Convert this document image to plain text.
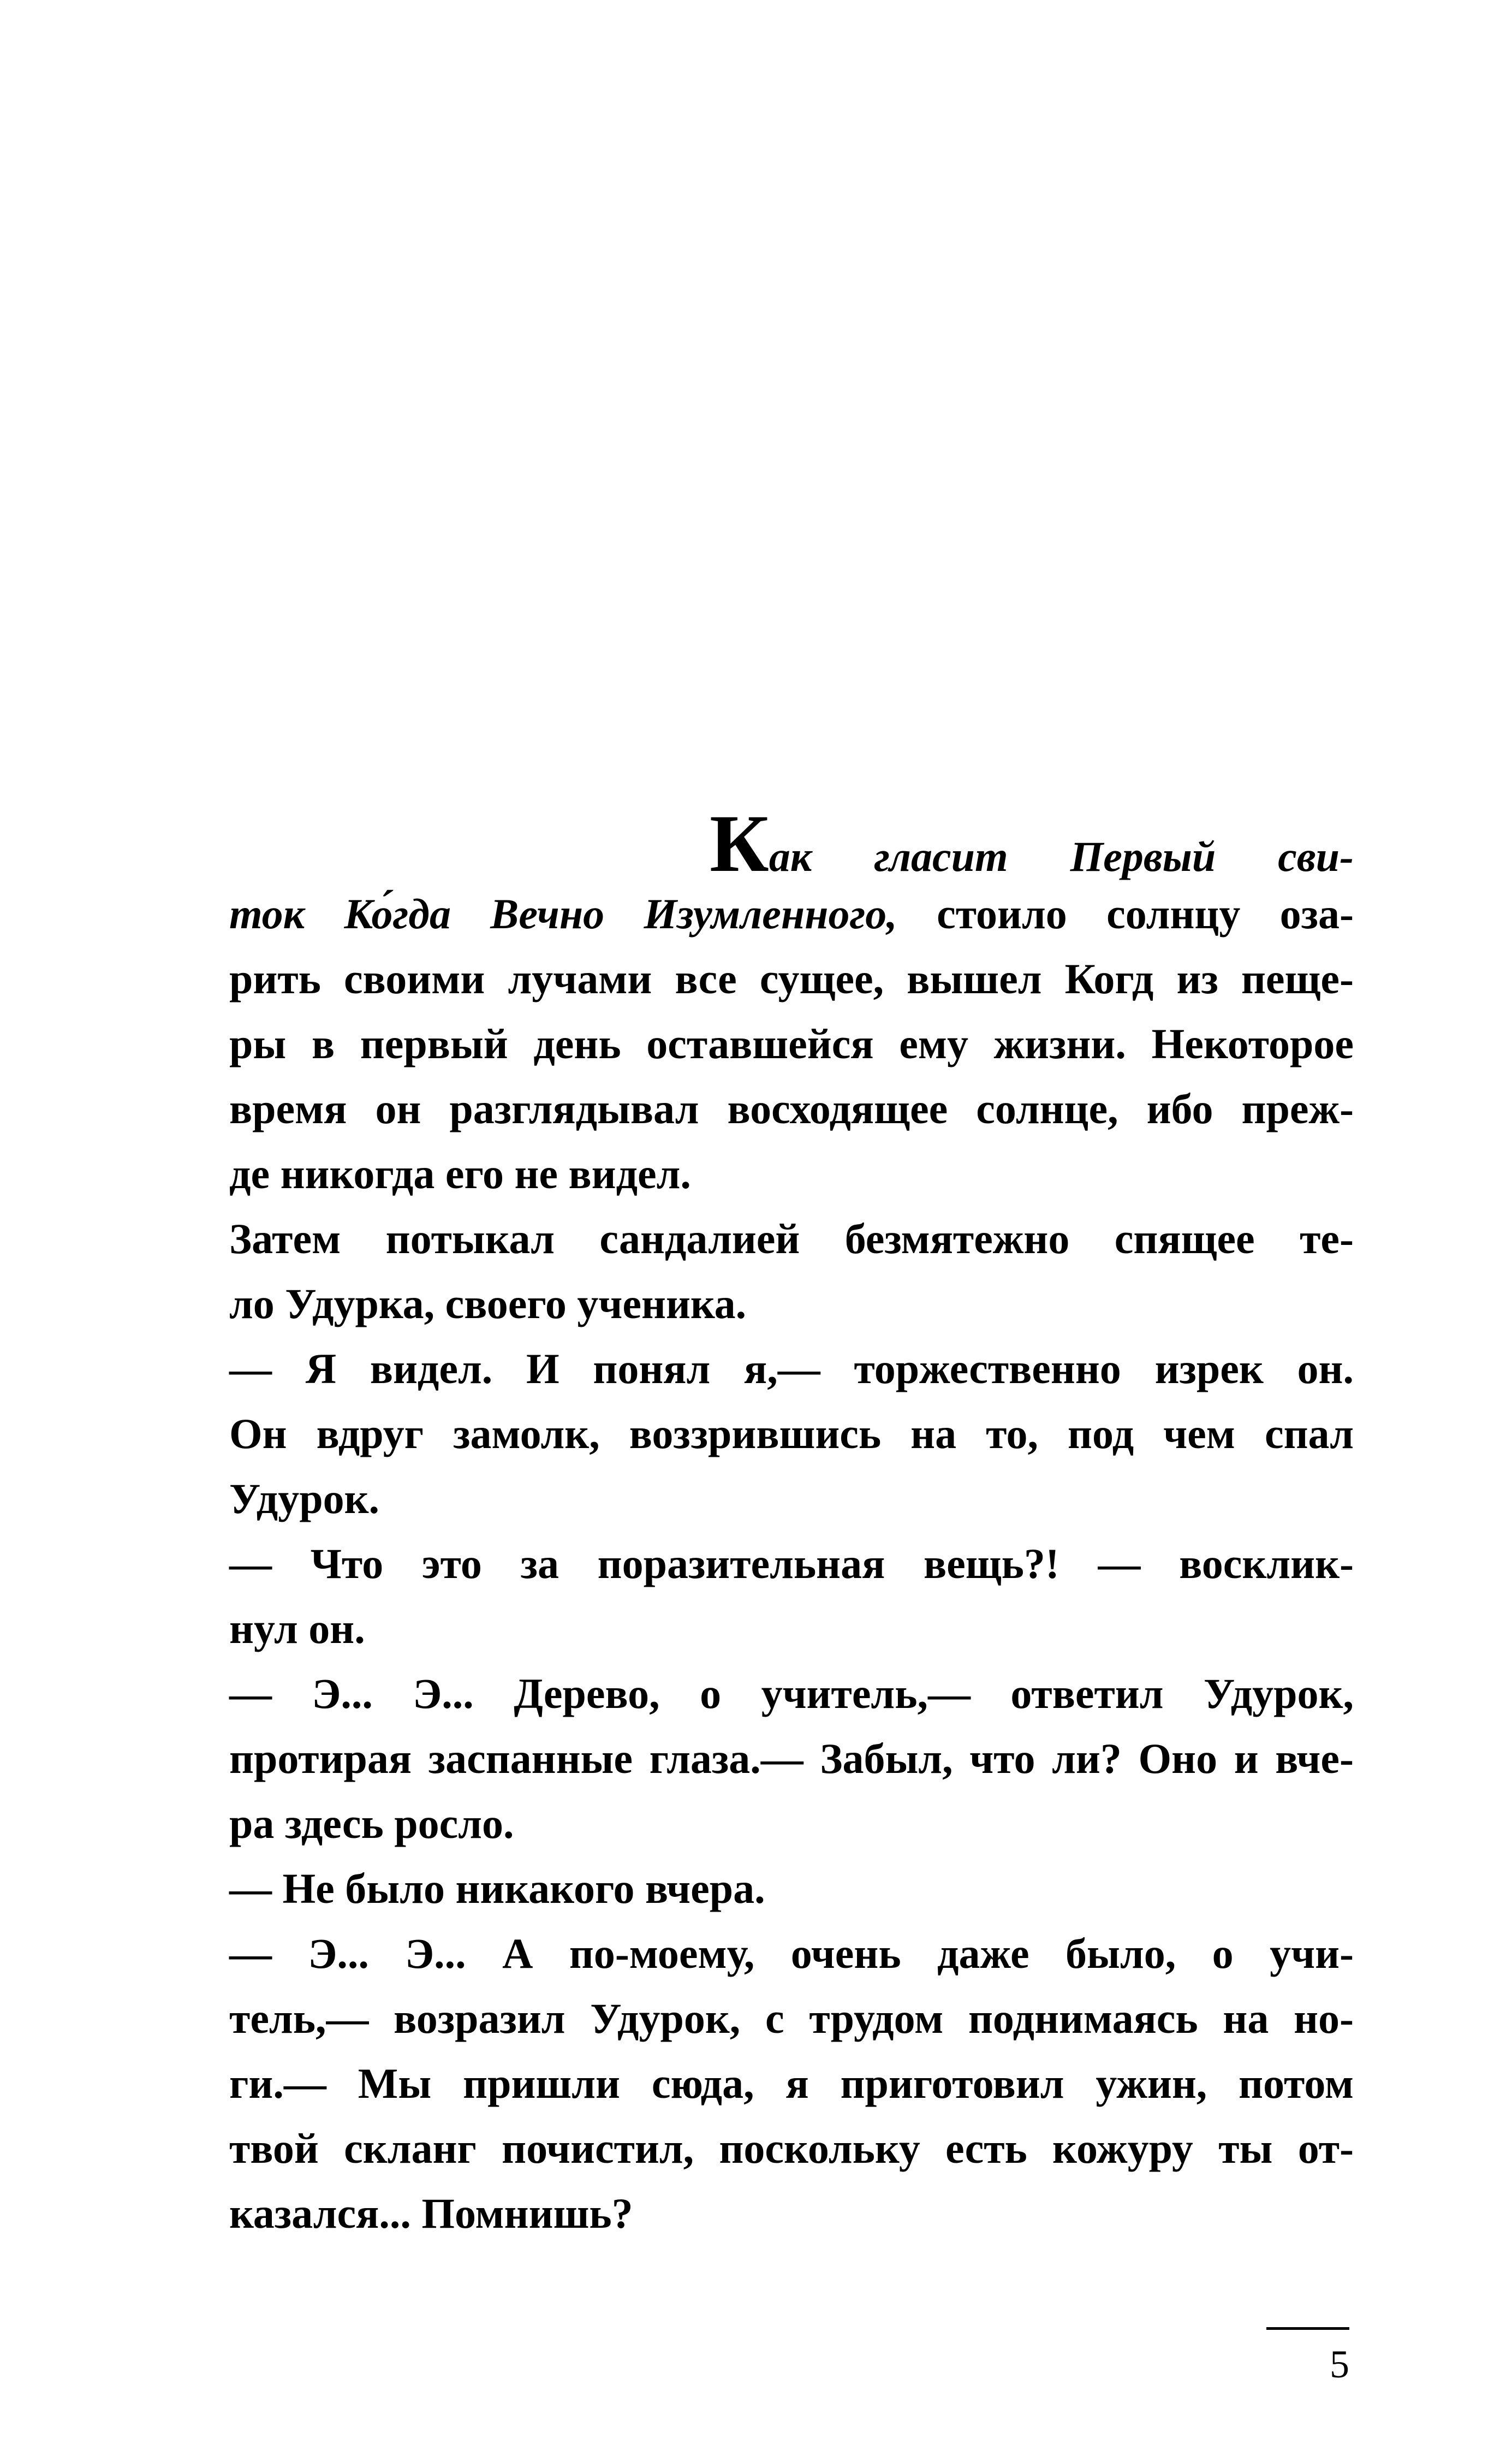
Как гласит Первый сви-
ток Ко́гда Вечно Изумленного, стоило солнцу оза-
рить своими лучами все сущее, вышел Когд из пеще-
ры в первый день оставшейся ему жизни. Некоторое
время он разглядывал восходящее солнце, ибо преж-
де никогда его не видел.
Затем потыкал сандалией безмятежно спящее те-
ло Удурка, своего ученика.
— Я видел. И понял я,— торжественно изрек он.
Он вдруг замолк, воззрившись на то, под чем спал
Удурок.
— Что это за поразительная вещь?! — восклик-
нул он.
— Э... Э... Дерево, о учитель,— ответил Удурок,
протирая заспанные глаза.— Забыл, что ли? Оно и вче-
ра здесь росло.
— Не было никакого вчера.
— Э... Э... А по-моему, очень даже было, о учи-
тель,— возразил Удурок, с трудом поднимаясь на но-
ги.— Мы пришли сюда, я приготовил ужин, потом
твой скланг почистил, поскольку есть кожуру ты от-
казался... Помнишь?
5
